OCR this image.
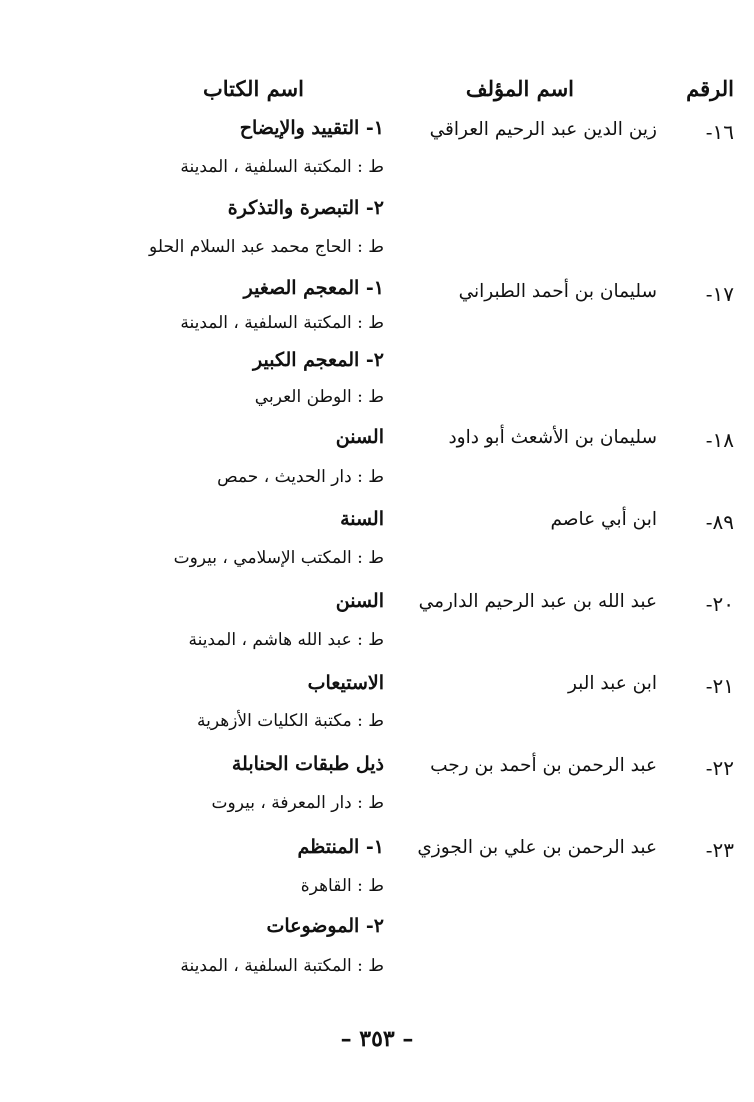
الرقم
اسم المؤلف
اسم الكتاب
١٦-
١٧-
١٨-
٨٩-
٢٠-
٢١-
٢٢-
٢٣-
زين الدين عبد الرحيم العراقي
سليمان بن أحمد الطبراني
سليمان بن الأشعث أبو داود
ابن أبي عاصم
عبد الله بن عبد الرحيم الدارمي
ابن عبد البر
عبد الرحمن بن أحمد بن رجب
عبد الرحمن بن علي بن الجوزي
١- التقييد والإيضاح
ط : المكتبة السلفية ، المدينة
٢- التبصرة والتذكرة
ط : الحاج محمد عبد السلام الحلو
١- المعجم الصغير
ط : المكتبة السلفية ، المدينة
٢- المعجم الكبير
ط : الوطن العربي
السنن
ط : دار الحديث ، حمص
السنة
ط : المكتب الإسلامي ، بيروت
السنن
ط : عبد الله هاشم ، المدينة
الاستيعاب
ط : مكتبة الكليات الأزهرية
ذيل طبقات الحنابلة
ط : دار المعرفة ، بيروت
١- المنتظم
ط : القاهرة
٢- الموضوعات
ط : المكتبة السلفية ، المدينة
– ٣٥٣ –
